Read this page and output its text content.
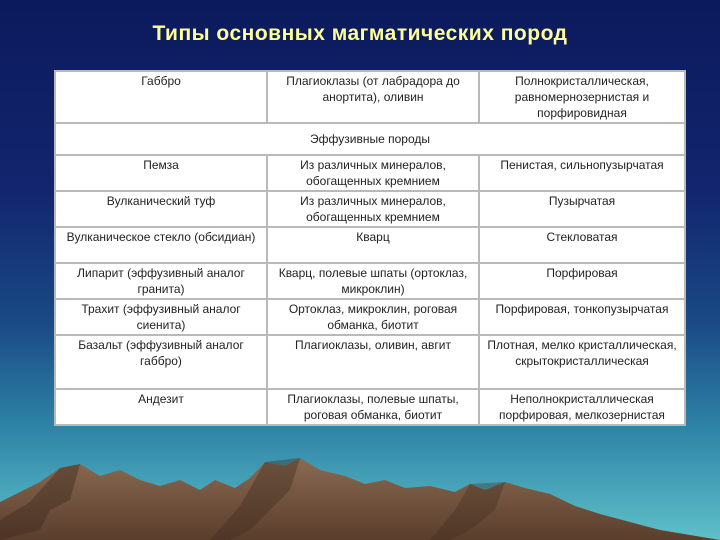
Типы основных магматических пород
Габбро	Плагиоклазы (от лабрадора до анортита), оливин	Полнокристаллическая, равномернозернистая и порфировидная
Эффузивные породы		
Пемза	Из различных минералов, обогащенных кремнием	Пенистая, сильнопузырчатая
Вулканический туф	Из различных минералов, обогащенных кремнием	Пузырчатая
Вулканическое стекло (обсидиан)	Кварц	Стекловатая
Липарит (эффузивный аналог гранита)	Кварц, полевые шпаты (ортоклаз, микроклин)	Порфировая
Трахит (эффузивный аналог сиенита)	Ортоклаз, микроклин, роговая обманка, биотит	Порфировая, тонкопузырчатая
Базальт (эффузивный аналог габбро)	Плагиоклазы, оливин, авгит	Плотная, мелко кристаллическая, скрытокристаллическая
Андезит	Плагиоклазы, полевые шпаты, роговая обманка, биотит	Неполнокристаллическая порфировая, мелкозернистая
